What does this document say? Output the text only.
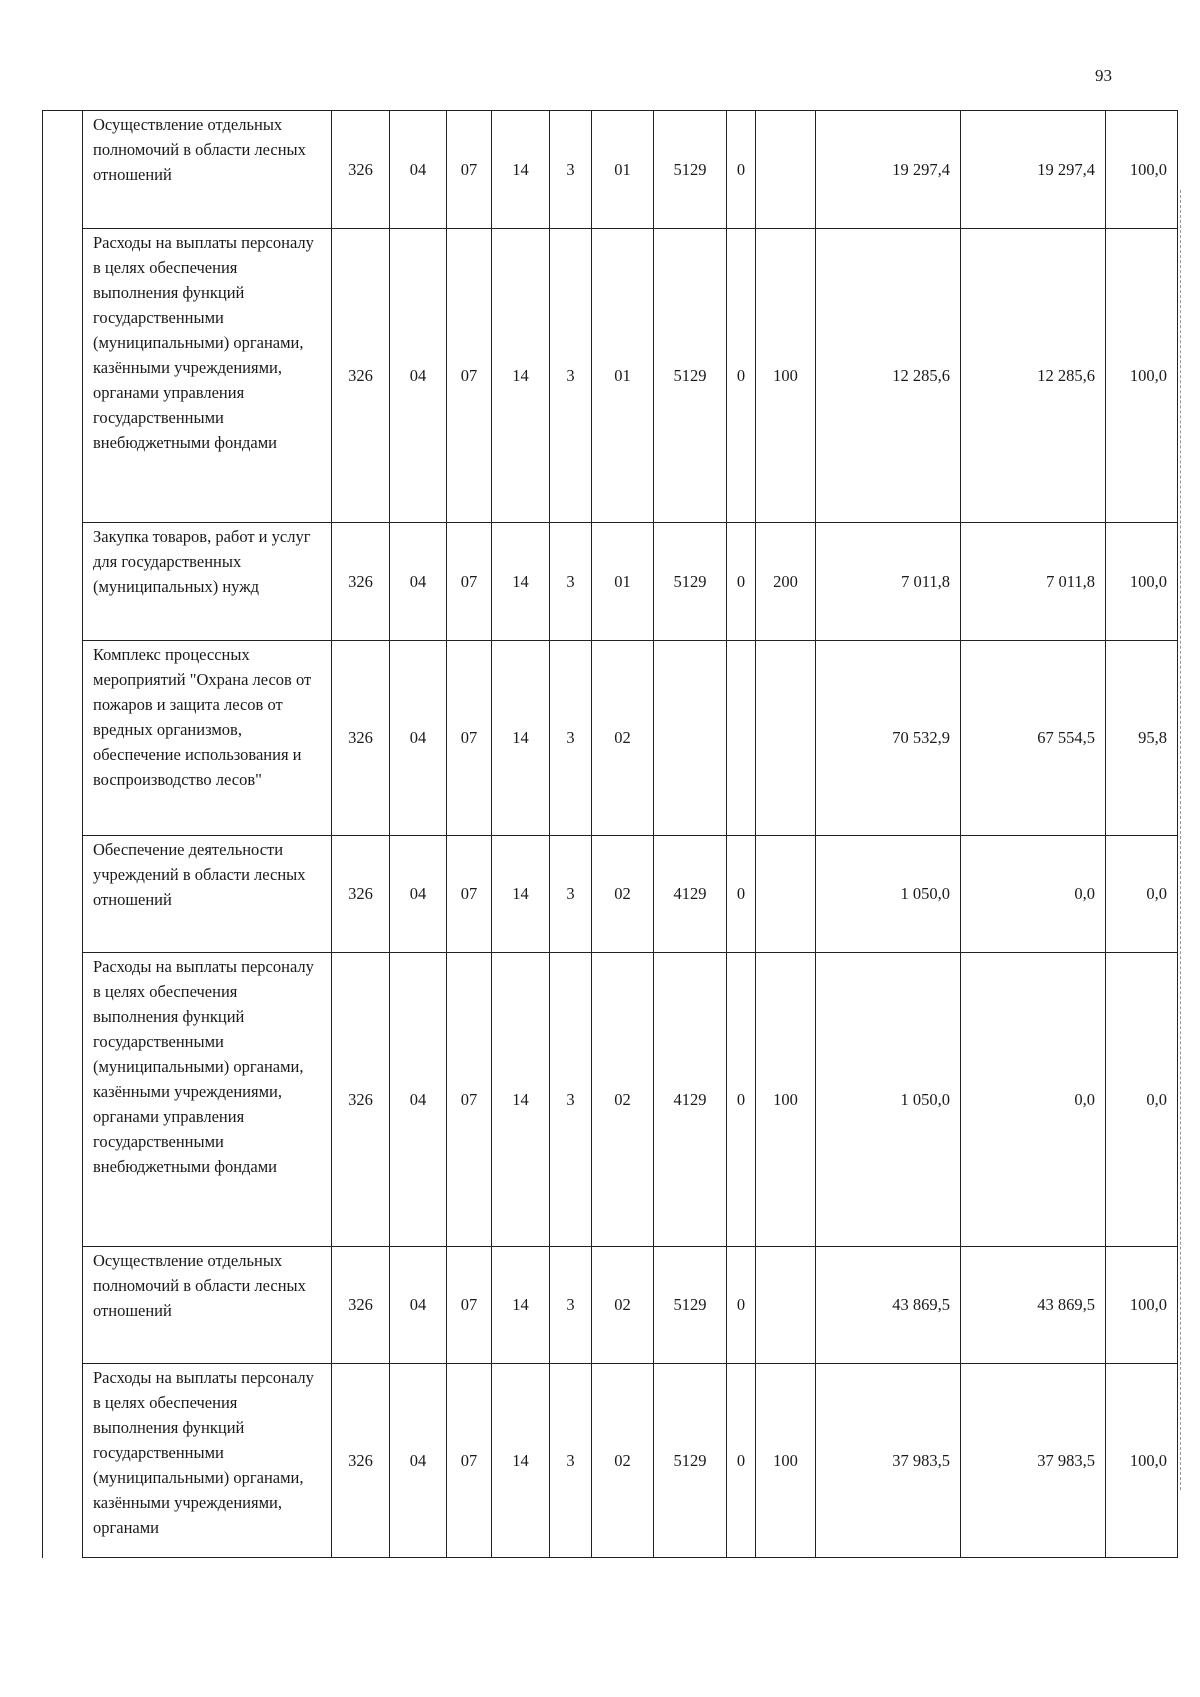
93
	Осуществление отдельных полномочий в области лесных отношений	326	04	07	14	3	01	5129	0		19 297,4	19 297,4	100,0
	Расходы на выплаты персоналу в целях обеспечения выполнения функций государственными (муниципальными) органами, казёнными учреждениями, органами управления государственными внебюджетными фондами	326	04	07	14	3	01	5129	0	100	12 285,6	12 285,6	100,0
	Закупка товаров, работ и услуг для государственных (муниципальных) нужд	326	04	07	14	3	01	5129	0	200	7 011,8	7 011,8	100,0
	Комплекс процессных мероприятий "Охрана лесов от пожаров и защита лесов от вредных организмов, обеспечение использования и воспроизводство лесов"	326	04	07	14	3	02				70 532,9	67 554,5	95,8
	Обеспечение деятельности учреждений в области лесных отношений	326	04	07	14	3	02	4129	0		1 050,0	0,0	0,0
	Расходы на выплаты персоналу в целях обеспечения выполнения функций государственными (муниципальными) органами, казёнными учреждениями, органами управления государственными внебюджетными фондами	326	04	07	14	3	02	4129	0	100	1 050,0	0,0	0,0
	Осуществление отдельных полномочий в области лесных отношений	326	04	07	14	3	02	5129	0		43 869,5	43 869,5	100,0
	Расходы на выплаты персоналу в целях обеспечения выполнения функций государственными (муниципальными) органами, казёнными учреждениями, органами	326	04	07	14	3	02	5129	0	100	37 983,5	37 983,5	100,0
